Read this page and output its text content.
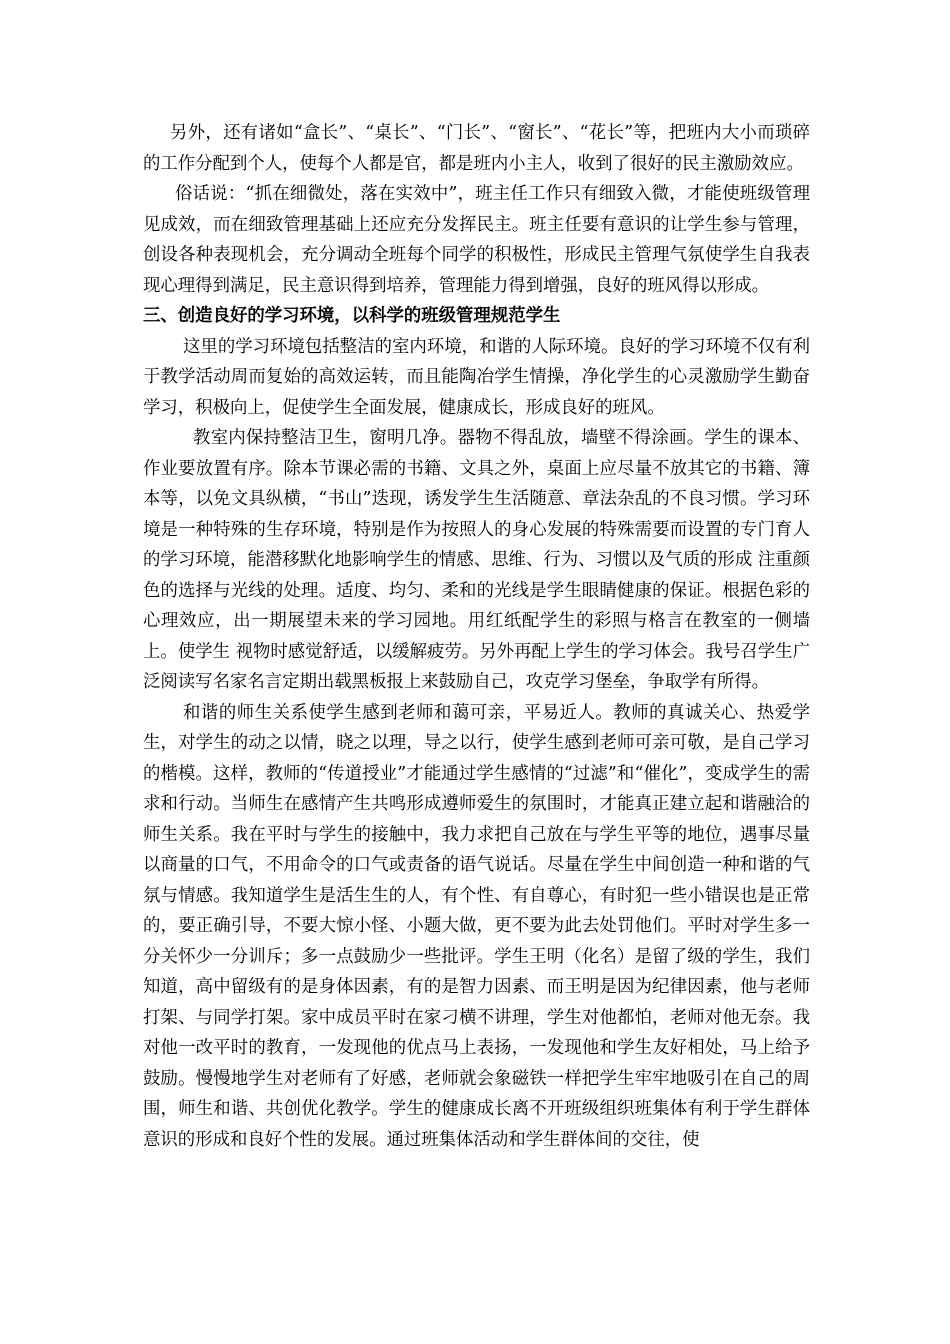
另外，还有诸如“盒长”、“桌长”、“门长”、“窗长”、“花长”等，把班内大小而琐碎的工作分配到个人，使每个人都是官，都是班内小主人，收到了很好的民主激励效应。

俗话说：“抓在细微处，落在实效中”，班主任工作只有细致入微，才能使班级管理见成效，而在细致管理基础上还应充分发挥民主。班主任要有意识的让学生参与管理，创设各种表现机会，充分调动全班每个同学的积极性，形成民主管理气氛使学生自我表现心理得到满足，民主意识得到培养，管理能力得到增强，良好的班风得以形成。

三、创造良好的学习环境，以科学的班级管理规范学生

这里的学习环境包括整洁的室内环境，和谐的人际环境。良好的学习环境不仅有利于教学活动周而复始的高效运转，而且能陶冶学生情操，净化学生的心灵激励学生勤奋学习，积极向上，促使学生全面发展，健康成长，形成良好的班风。

教室内保持整洁卫生，窗明几净。器物不得乱放，墙壁不得涂画。学生的课本、作业要放置有序。除本节课必需的书籍、文具之外，桌面上应尽量不放其它的书籍、簿本等，以免文具纵横，“书山”迭现，诱发学生生活随意、章法杂乱的不良习惯。学习环境是一种特殊的生存环境，特别是作为按照人的身心发展的特殊需要而设置的专门育人的学习环境，能潜移默化地影响学生的情感、思维、行为、习惯以及气质的形成 注重颜色的选择与光线的处理。适度、均匀、柔和的光线是学生眼睛健康的保证。根据色彩的心理效应，出一期展望未来的学习园地。用红纸配学生的彩照与格言在教室的一侧墙上。使学生 视物时感觉舒适，以缓解疲劳。另外再配上学生的学习体会。我号召学生广泛阅读写名家名言定期出载黑板报上来鼓励自己，攻克学习堡垒，争取学有所得。

和谐的师生关系使学生感到老师和蔼可亲，平易近人。教师的真诚关心、热爱学生，对学生的动之以情，晓之以理，导之以行，使学生感到老师可亲可敬，是自己学习的楷模。这样，教师的“传道授业”才能通过学生感情的“过滤”和“催化”，变成学生的需求和行动。当师生在感情产生共鸣形成遵师爱生的氛围时，才能真正建立起和谐融洽的师生关系。我在平时与学生的接触中，我力求把自己放在与学生平等的地位，遇事尽量以商量的口气，不用命令的口气或责备的语气说话。尽量在学生中间创造一种和谐的气氛与情感。我知道学生是活生生的人，有个性、有自尊心，有时犯一些小错误也是正常的，要正确引导，不要大惊小怪、小题大做，更不要为此去处罚他们。平时对学生多一分关怀少一分训斥；多一点鼓励少一些批评。学生王明（化名）是留了级的学生，我们知道，高中留级有的是身体因素，有的是智力因素、而王明是因为纪律因素，他与老师打架、与同学打架。家中成员平时在家刁横不讲理，学生对他都怕，老师对他无奈。我对他一改平时的教育，一发现他的优点马上表扬，一发现他和学生友好相处，马上给予鼓励。慢慢地学生对老师有了好感，老师就会象磁铁一样把学生牢牢地吸引在自己的周围，师生和谐、共创优化教学。学生的健康成长离不开班级组织班集体有利于学生群体意识的形成和良好个性的发展。通过班集体活动和学生群体间的交往，使
